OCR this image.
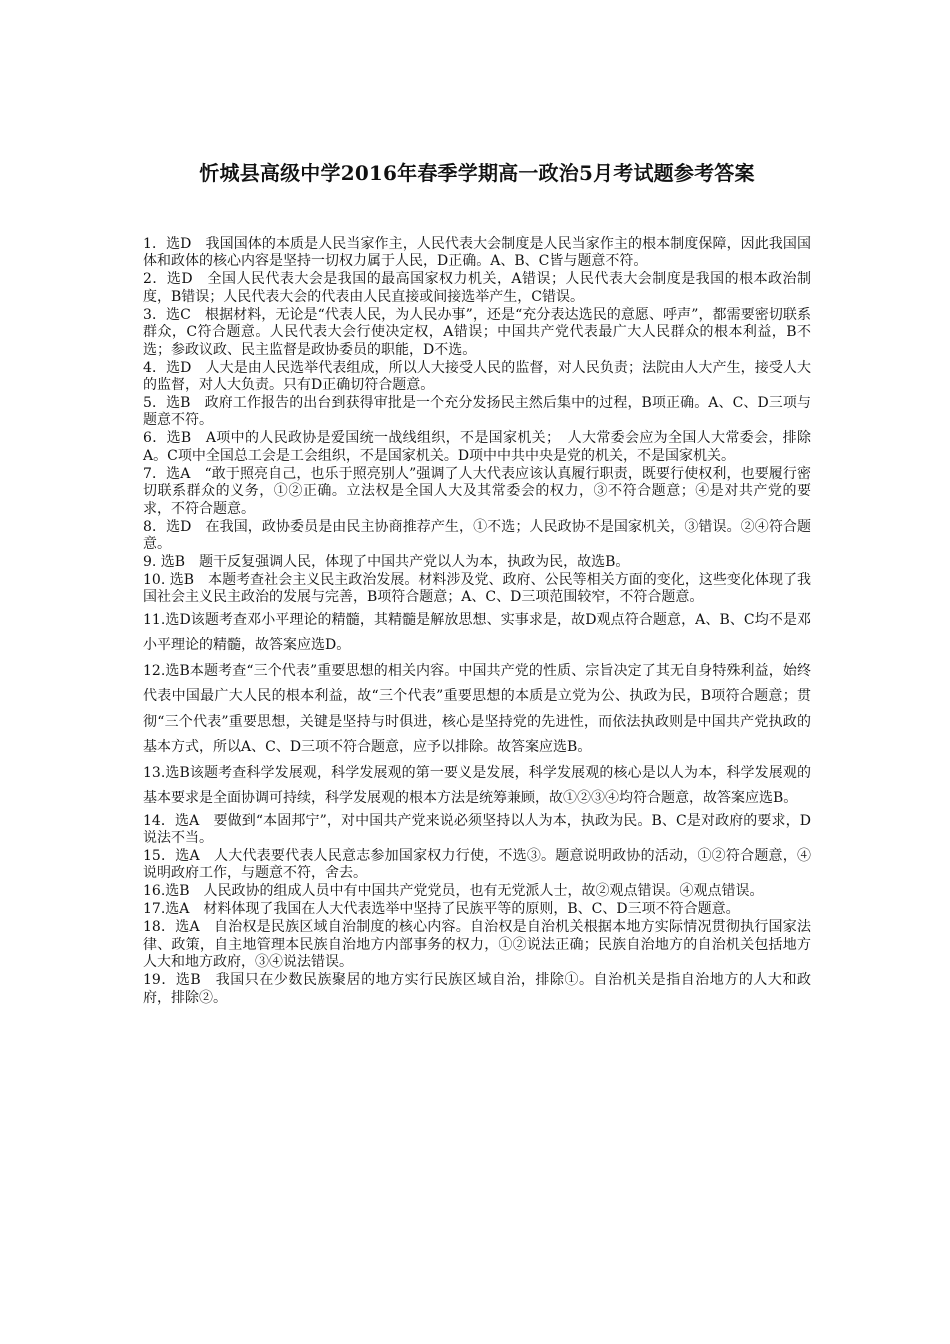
忻城县高级中学2016年春季学期高一政治5月考试题参考答案

1．选D　我国国体的本质是人民当家作主，人民代表大会制度是人民当家作主的根本制度保障，因此我国国体和政体的核心内容是坚持一切权力属于人民，D正确。A、B、C皆与题意不符。

2．选D　全国人民代表大会是我国的最高国家权力机关，A错误；人民代表大会制度是我国的根本政治制度，B错误；人民代表大会的代表由人民直接或间接选举产生，C错误。

3．选C　根据材料，无论是“代表人民，为人民办事”，还是“充分表达选民的意愿、呼声”，都需要密切联系群众，C符合题意。人民代表大会行使决定权，A错误；中国共产党代表最广大人民群众的根本利益，B不选；参政议政、民主监督是政协委员的职能，D不选。

4．选D　人大是由人民选举代表组成，所以人大接受人民的监督，对人民负责；法院由人大产生，接受人大的监督，对人大负责。只有D正确切符合题意。

5．选B　政府工作报告的出台到获得审批是一个充分发扬民主然后集中的过程，B项正确。A、C、D三项与题意不符。

6．选B　A项中的人民政协是爱国统一战线组织，不是国家机关；　人大常委会应为全国人大常委会，排除A。C项中全国总工会是工会组织，不是国家机关。D项中中共中央是党的机关，不是国家机关。

7．选A　“敢于照亮自己，也乐于照亮别人”强调了人大代表应该认真履行职责，既要行使权利，也要履行密切联系群众的义务，①②正确。立法权是全国人大及其常委会的权力，③不符合题意；④是对共产党的要求，不符合题意。

8．选D　在我国，政协委员是由民主协商推荐产生，①不选；人民政协不是国家机关，③错误。②④符合题意。

9. 选B　题干反复强调人民，体现了中国共产党以人为本，执政为民，故选B。

10. 选B　本题考查社会主义民主政治发展。材料涉及党、政府、公民等相关方面的变化，这些变化体现了我国社会主义民主政治的发展与完善，B项符合题意；A、C、D三项范围较窄，不符合题意。

11.选D该题考查邓小平理论的精髓，其精髓是解放思想、实事求是，故D观点符合题意，A、B、C均不是邓小平理论的精髓，故答案应选D。

12.选B本题考查“三个代表”重要思想的相关内容。中国共产党的性质、宗旨决定了其无自身特殊利益，始终代表中国最广大人民的根本利益，故“三个代表”重要思想的本质是立党为公、执政为民，B项符合题意；贯彻“三个代表”重要思想，关键是坚持与时俱进，核心是坚持党的先进性，而依法执政则是中国共产党执政的基本方式，所以A、C、D三项不符合题意，应予以排除。故答案应选B。

13.选B该题考查科学发展观，科学发展观的第一要义是发展，科学发展观的核心是以人为本，科学发展观的基本要求是全面协调可持续，科学发展观的根本方法是统筹兼顾，故①②③④均符合题意，故答案应选B。

14．选A　要做到“本固邦宁”，对中国共产党来说必须坚持以人为本，执政为民。B、C是对政府的要求，D说法不当。

15．选A　人大代表要代表人民意志参加国家权力行使，不选③。题意说明政协的活动，①②符合题意，④说明政府工作，与题意不符，舍去。

16.选B　人民政协的组成人员中有中国共产党党员，也有无党派人士，故②观点错误。④观点错误。

17.选A　材料体现了我国在人大代表选举中坚持了民族平等的原则，B、C、D三项不符合题意。

18．选A　自治权是民族区域自治制度的核心内容。自治权是自治机关根据本地方实际情况贯彻执行国家法律、政策，自主地管理本民族自治地方内部事务的权力，①②说法正确；民族自治地方的自治机关包括地方人大和地方政府，③④说法错误。

19．选B　我国只在少数民族聚居的地方实行民族区域自治，排除①。自治机关是指自治地方的人大和政府，排除②。
